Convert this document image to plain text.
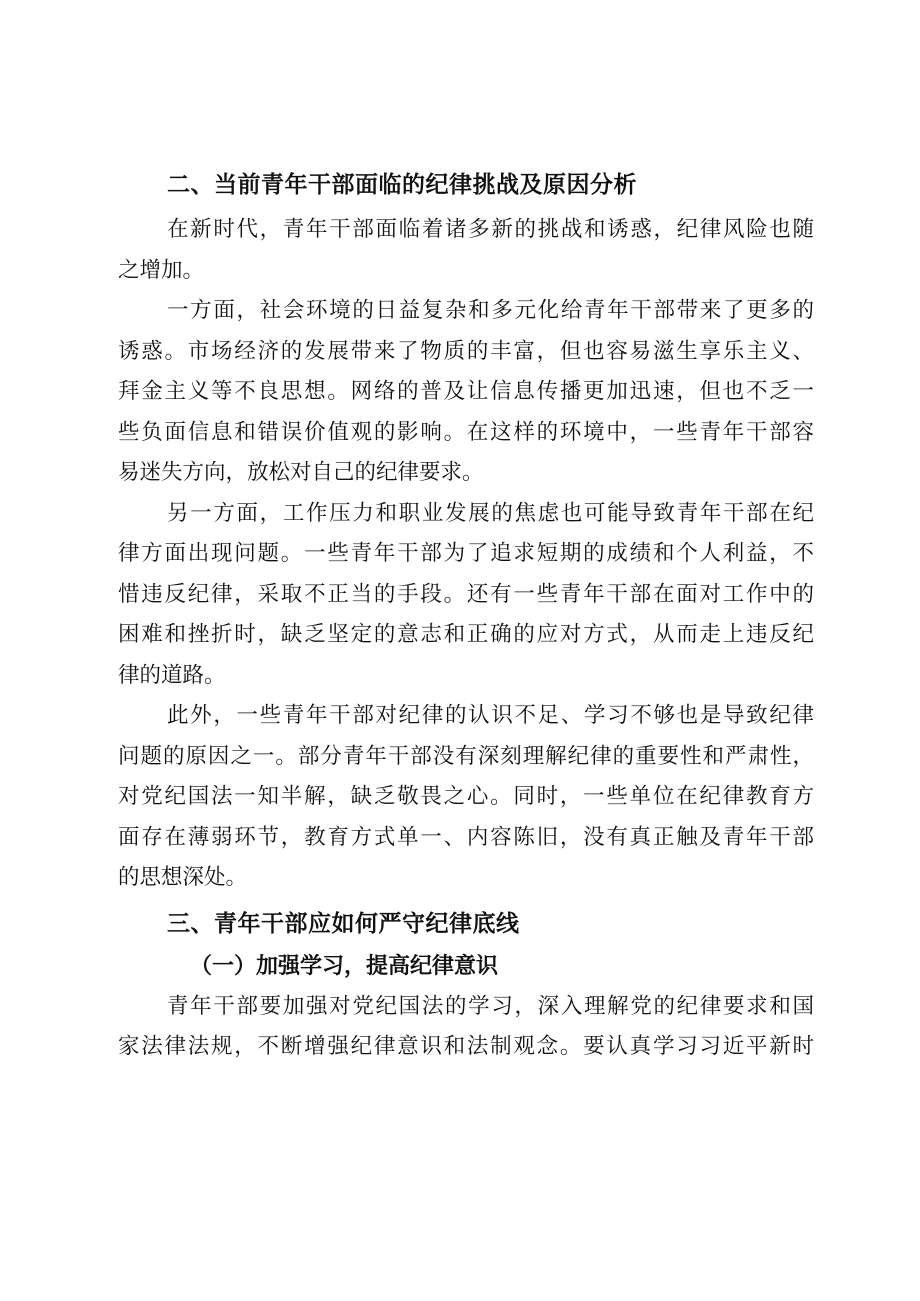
二、当前青年干部面临的纪律挑战及原因分析

在新时代，青年干部面临着诸多新的挑战和诱惑，纪律风险也随
之增加。

一方面，社会环境的日益复杂和多元化给青年干部带来了更多的
诱惑。市场经济的发展带来了物质的丰富，但也容易滋生享乐主义、
拜金主义等不良思想。网络的普及让信息传播更加迅速，但也不乏一
些负面信息和错误价值观的影响。在这样的环境中，一些青年干部容
易迷失方向，放松对自己的纪律要求。

另一方面，工作压力和职业发展的焦虑也可能导致青年干部在纪
律方面出现问题。一些青年干部为了追求短期的成绩和个人利益，不
惜违反纪律，采取不正当的手段。还有一些青年干部在面对工作中的
困难和挫折时，缺乏坚定的意志和正确的应对方式，从而走上违反纪
律的道路。

此外，一些青年干部对纪律的认识不足、学习不够也是导致纪律
问题的原因之一。部分青年干部没有深刻理解纪律的重要性和严肃性，
对党纪国法一知半解，缺乏敬畏之心。同时，一些单位在纪律教育方
面存在薄弱环节，教育方式单一、内容陈旧，没有真正触及青年干部
的思想深处。

三、青年干部应如何严守纪律底线
（一）加强学习，提高纪律意识

青年干部要加强对党纪国法的学习，深入理解党的纪律要求和国
家法律法规，不断增强纪律意识和法制观念。要认真学习习近平新时
